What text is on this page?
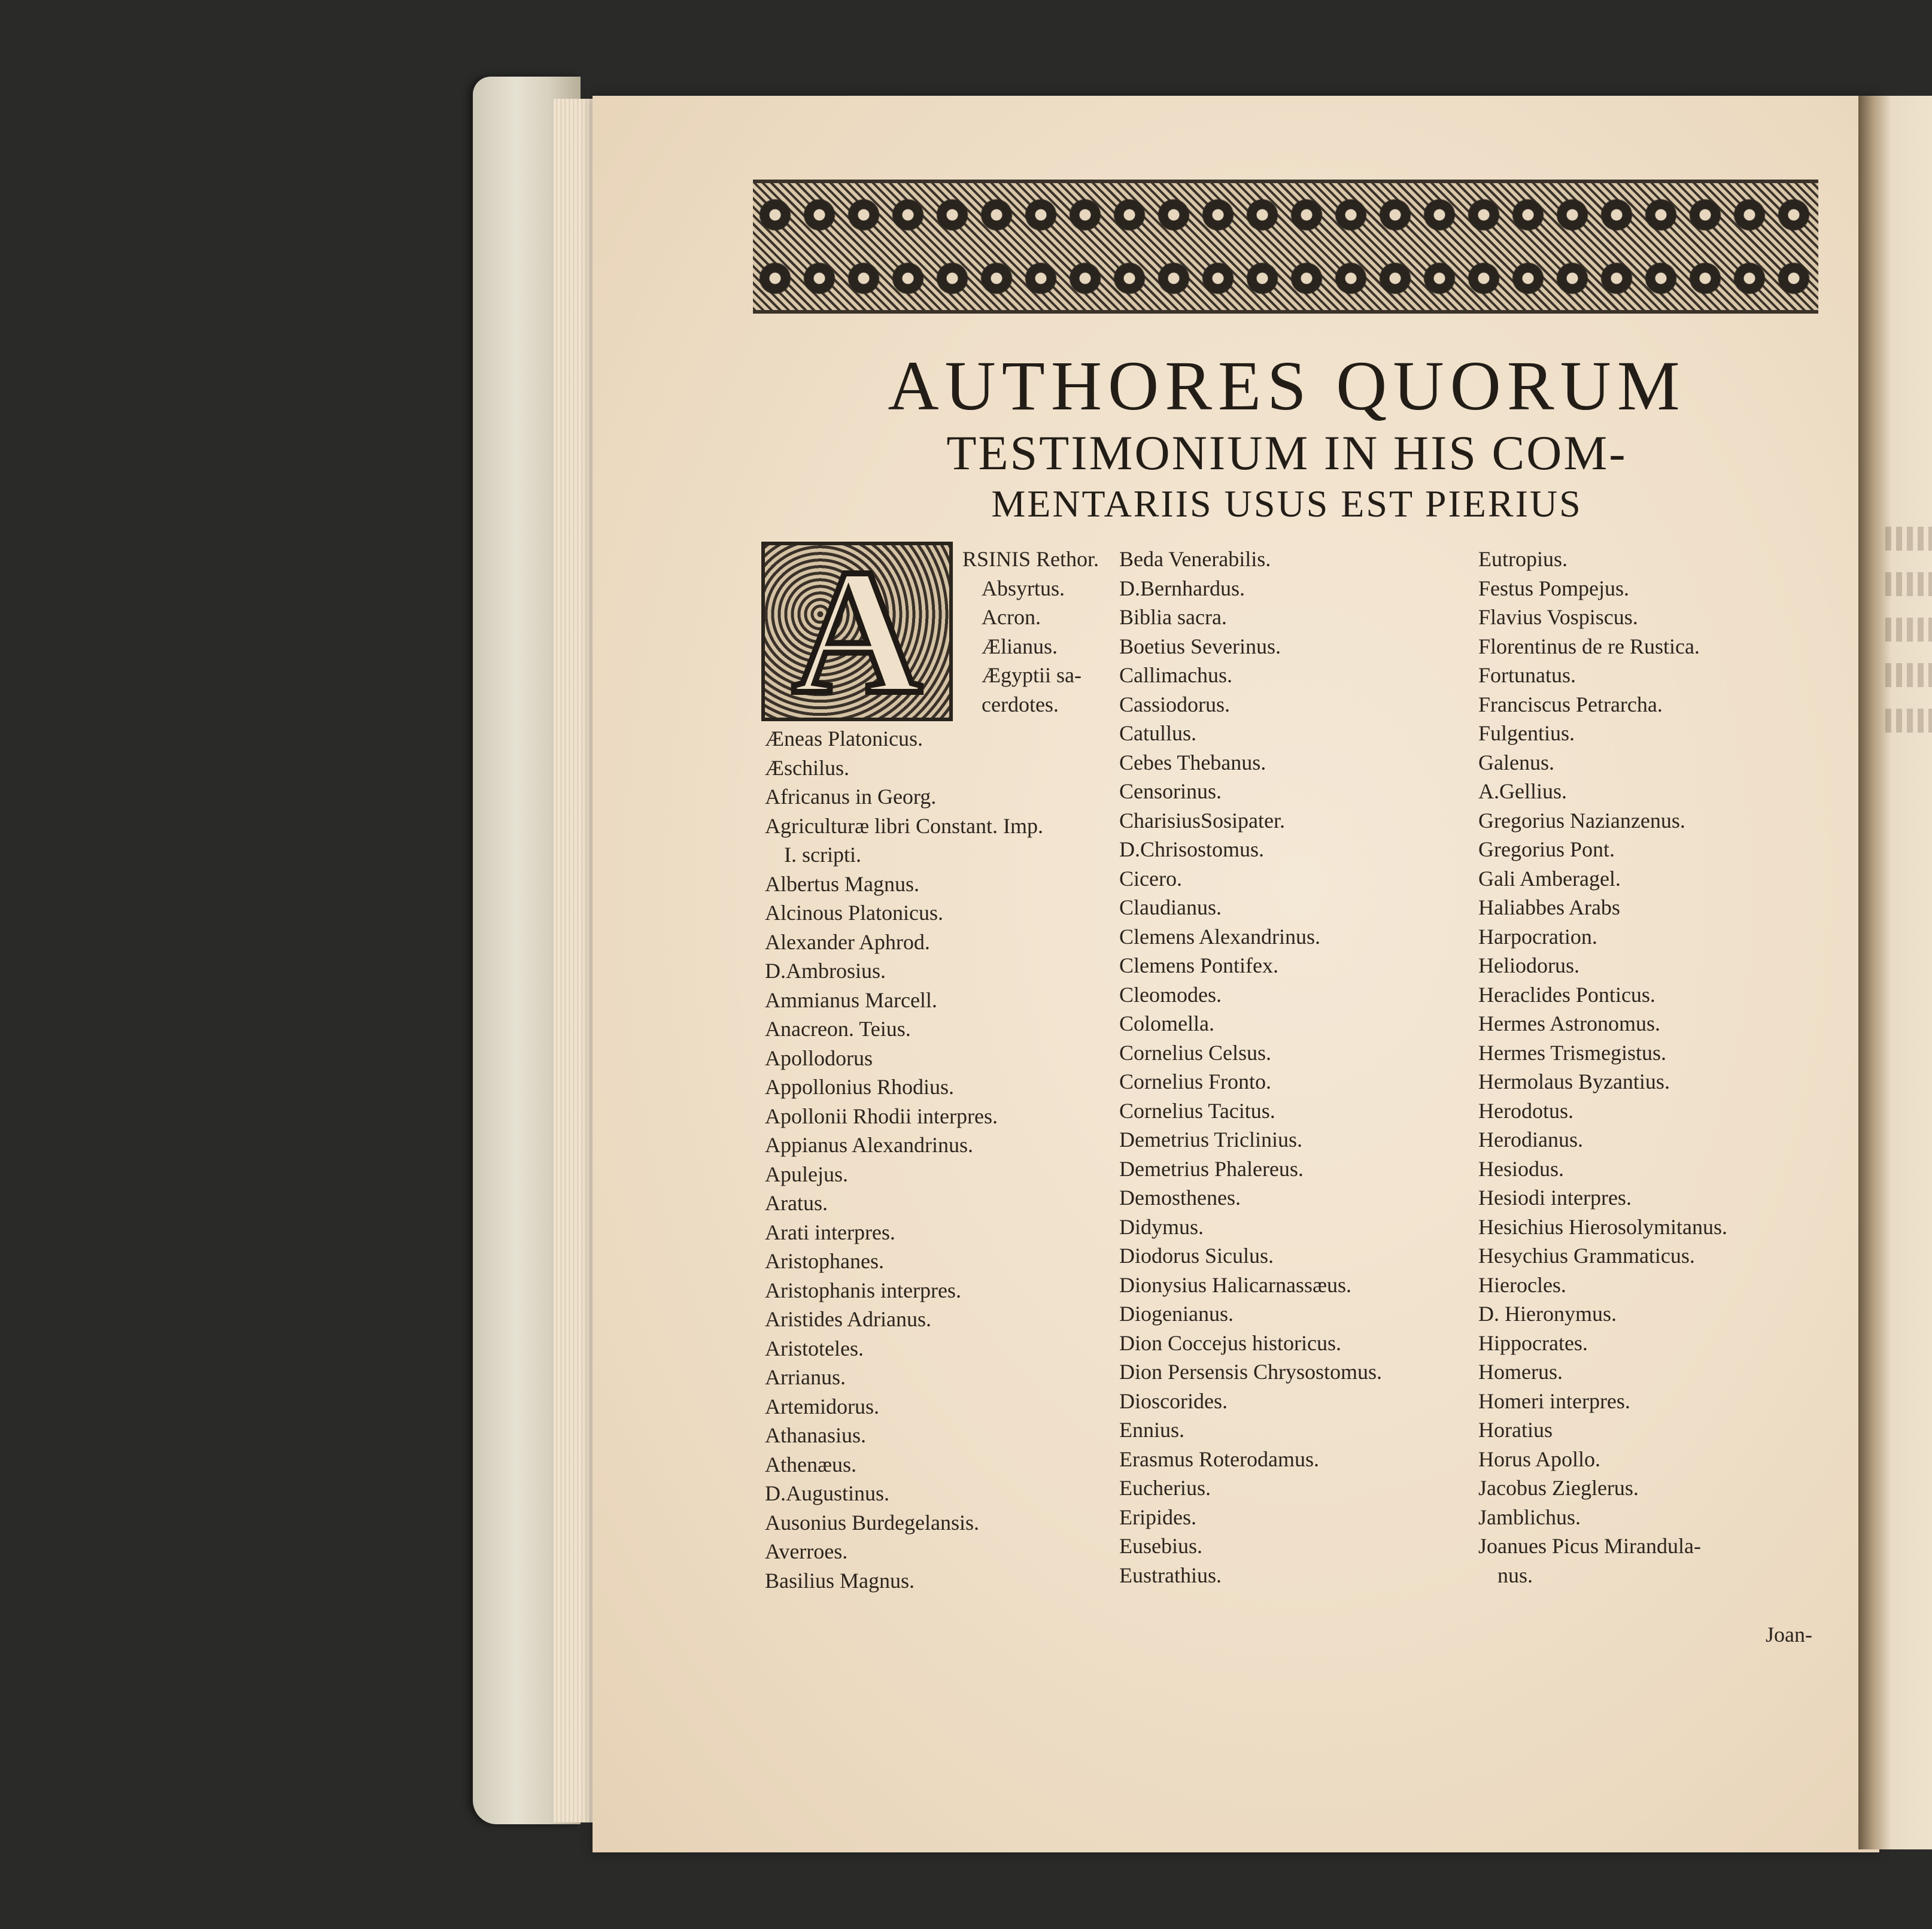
AUTHORES QUORUM
TESTIMONIUM IN HIS COM-
MENTARIIS USUS EST PIERIUS
A RSINIS Rethor.
Absyrtus.
Acron.
Ælianus.
Ægyptii sa-
cerdotes.
Æneas Platonicus.
Æschilus.
Africanus in Georg.
Agriculturæ libri Constant. Imp.
I. scripti.
Albertus Magnus.
Alcinous Platonicus.
Alexander Aphrod.
D.Ambrosius.
Ammianus Marcell.
Anacreon. Teius.
Apollodorus
Appollonius Rhodius.
Apollonii Rhodii interpres.
Appianus Alexandrinus.
Apulejus.
Aratus.
Arati interpres.
Aristophanes.
Aristophanis interpres.
Aristides Adrianus.
Aristoteles.
Arrianus.
Artemidorus.
Athanasius.
Athenæus.
D.Augustinus.
Ausonius Burdegelansis.
Averroes.
Basilius Magnus.
Beda Venerabilis.
D.Bernhardus.
Biblia sacra.
Boetius Severinus.
Callimachus.
Cassiodorus.
Catullus.
Cebes Thebanus.
Censorinus.
CharisiusSosipater.
D.Chrisostomus.
Cicero.
Claudianus.
Clemens Alexandrinus.
Clemens Pontifex.
Cleomodes.
Colomella.
Cornelius Celsus.
Cornelius Fronto.
Cornelius Tacitus.
Demetrius Triclinius.
Demetrius Phalereus.
Demosthenes.
Didymus.
Diodorus Siculus.
Dionysius Halicarnassæus.
Diogenianus.
Dion Coccejus historicus.
Dion Persensis Chrysostomus.
Dioscorides.
Ennius.
Erasmus Roterodamus.
Eucherius.
Eripides.
Eusebius.
Eustrathius.
Eutropius.
Festus Pompejus.
Flavius Vospiscus.
Florentinus de re Rustica.
Fortunatus.
Franciscus Petrarcha.
Fulgentius.
Galenus.
A.Gellius.
Gregorius Nazianzenus.
Gregorius Pont.
Gali Amberagel.
Haliabbes Arabs
Harpocration.
Heliodorus.
Heraclides Ponticus.
Hermes Astronomus.
Hermes Trismegistus.
Hermolaus Byzantius.
Herodotus.
Herodianus.
Hesiodus.
Hesiodi interpres.
Hesichius Hierosolymitanus.
Hesychius Grammaticus.
Hierocles.
D. Hieronymus.
Hippocrates.
Homerus.
Homeri interpres.
Horatius
Horus Apollo.
Jacobus Zieglerus.
Jamblichus.
Joanues Picus Mirandula-
nus.
Joan-
